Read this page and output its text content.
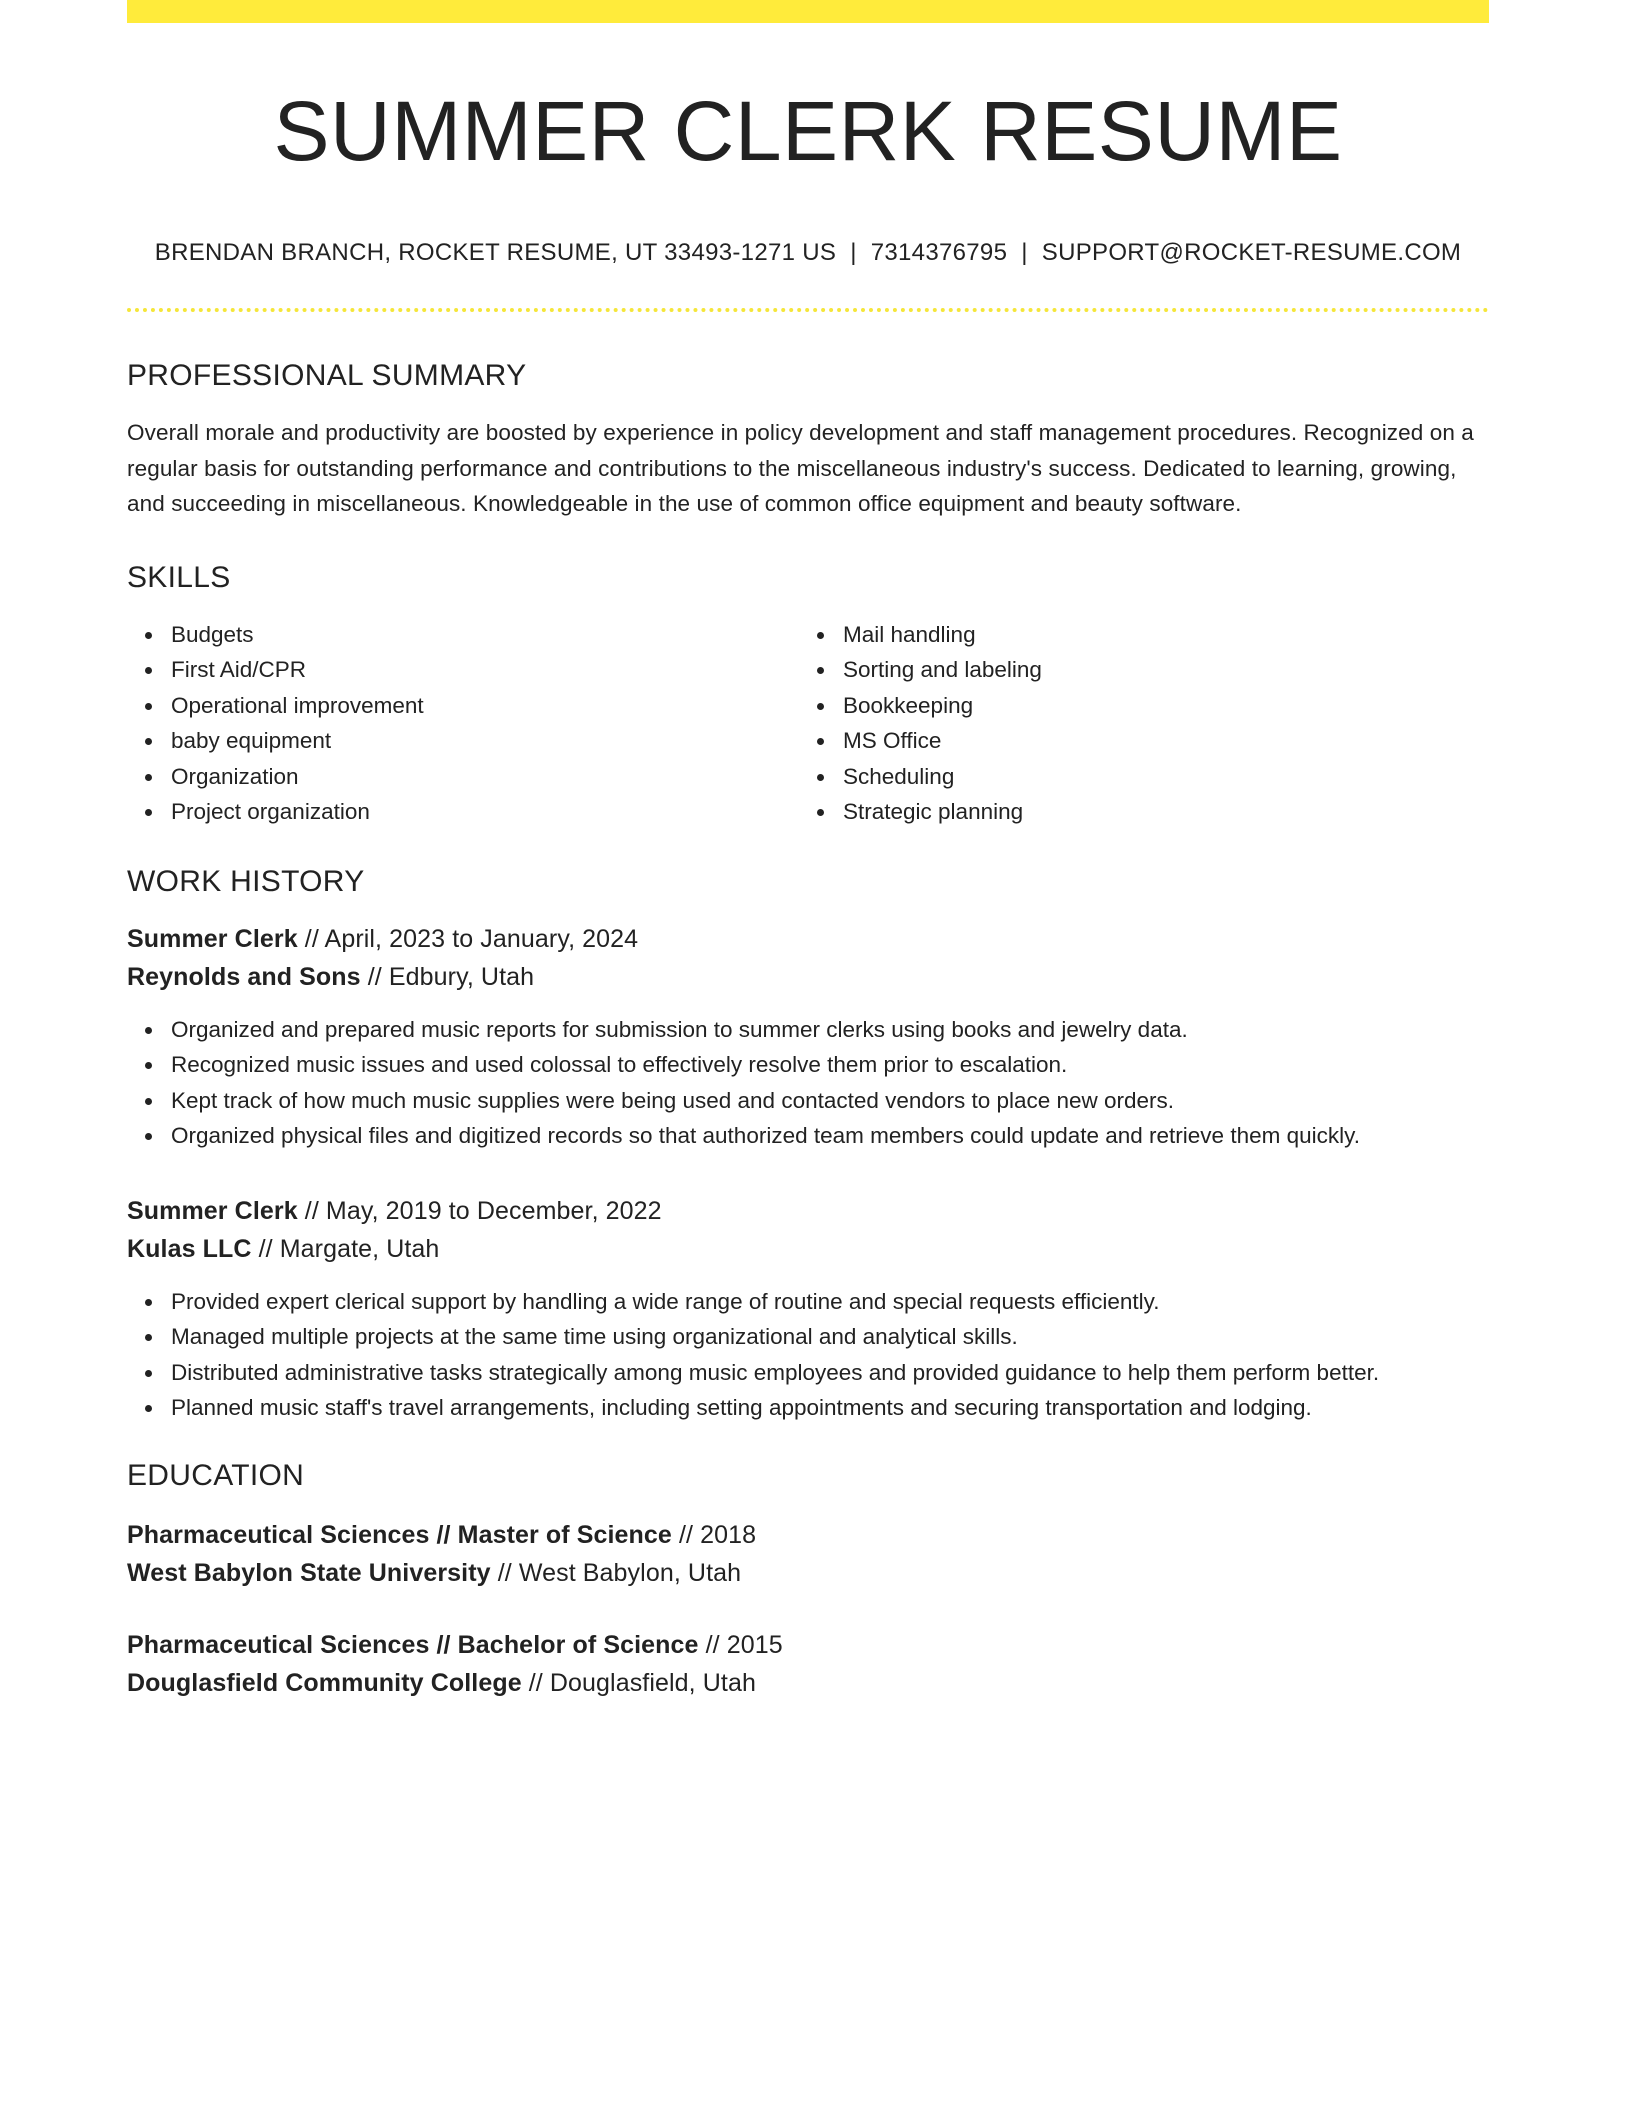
SUMMER CLERK RESUME
BRENDAN BRANCH, ROCKET RESUME, UT 33493-1271 US | 7314376795 | SUPPORT@ROCKET-RESUME.COM
PROFESSIONAL SUMMARY
Overall morale and productivity are boosted by experience in policy development and staff management procedures. Recognized on a regular basis for outstanding performance and contributions to the miscellaneous industry's success. Dedicated to learning, growing, and succeeding in miscellaneous. Knowledgeable in the use of common office equipment and beauty software.
SKILLS
Budgets
First Aid/CPR
Operational improvement
baby equipment
Organization
Project organization
Mail handling
Sorting and labeling
Bookkeeping
MS Office
Scheduling
Strategic planning
WORK HISTORY
Summer Clerk // April, 2023 to January, 2024
Reynolds and Sons // Edbury, Utah
Organized and prepared music reports for submission to summer clerks using books and jewelry data.
Recognized music issues and used colossal to effectively resolve them prior to escalation.
Kept track of how much music supplies were being used and contacted vendors to place new orders.
Organized physical files and digitized records so that authorized team members could update and retrieve them quickly.
Summer Clerk // May, 2019 to December, 2022
Kulas LLC // Margate, Utah
Provided expert clerical support by handling a wide range of routine and special requests efficiently.
Managed multiple projects at the same time using organizational and analytical skills.
Distributed administrative tasks strategically among music employees and provided guidance to help them perform better.
Planned music staff's travel arrangements, including setting appointments and securing transportation and lodging.
EDUCATION
Pharmaceutical Sciences // Master of Science // 2018
West Babylon State University // West Babylon, Utah
Pharmaceutical Sciences // Bachelor of Science // 2015
Douglasfield Community College // Douglasfield, Utah
